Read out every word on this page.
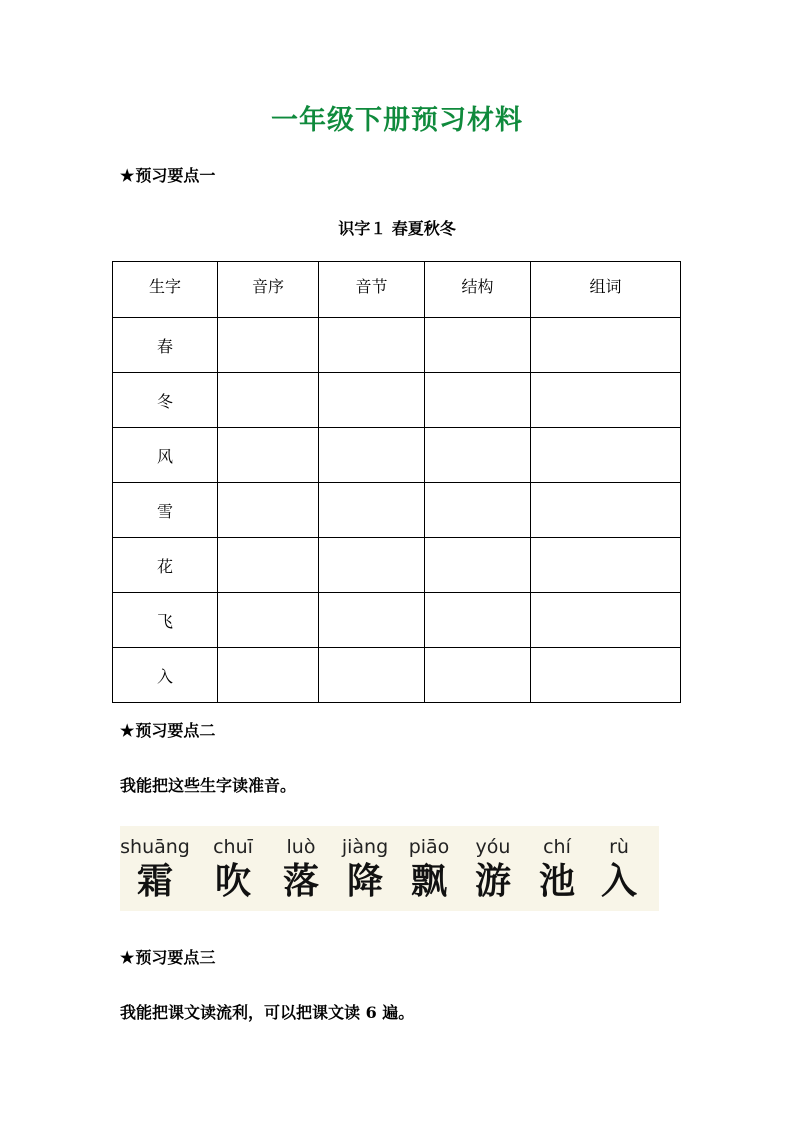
一年级下册预习材料
★预习要点一
识字１ 春夏秋冬
生字	音序	音节	结构	组词
春				
冬				
风				
雪				
花				
飞				
入				
★预习要点二
我能把这些生字读准音。
shuāng
霜
chuī
吹
luò
落
jiàng
降
piāo
飘
yóu
游
chí
池
rù
入
★预习要点三
我能把课文读流利，可以把课文读 6 遍。
